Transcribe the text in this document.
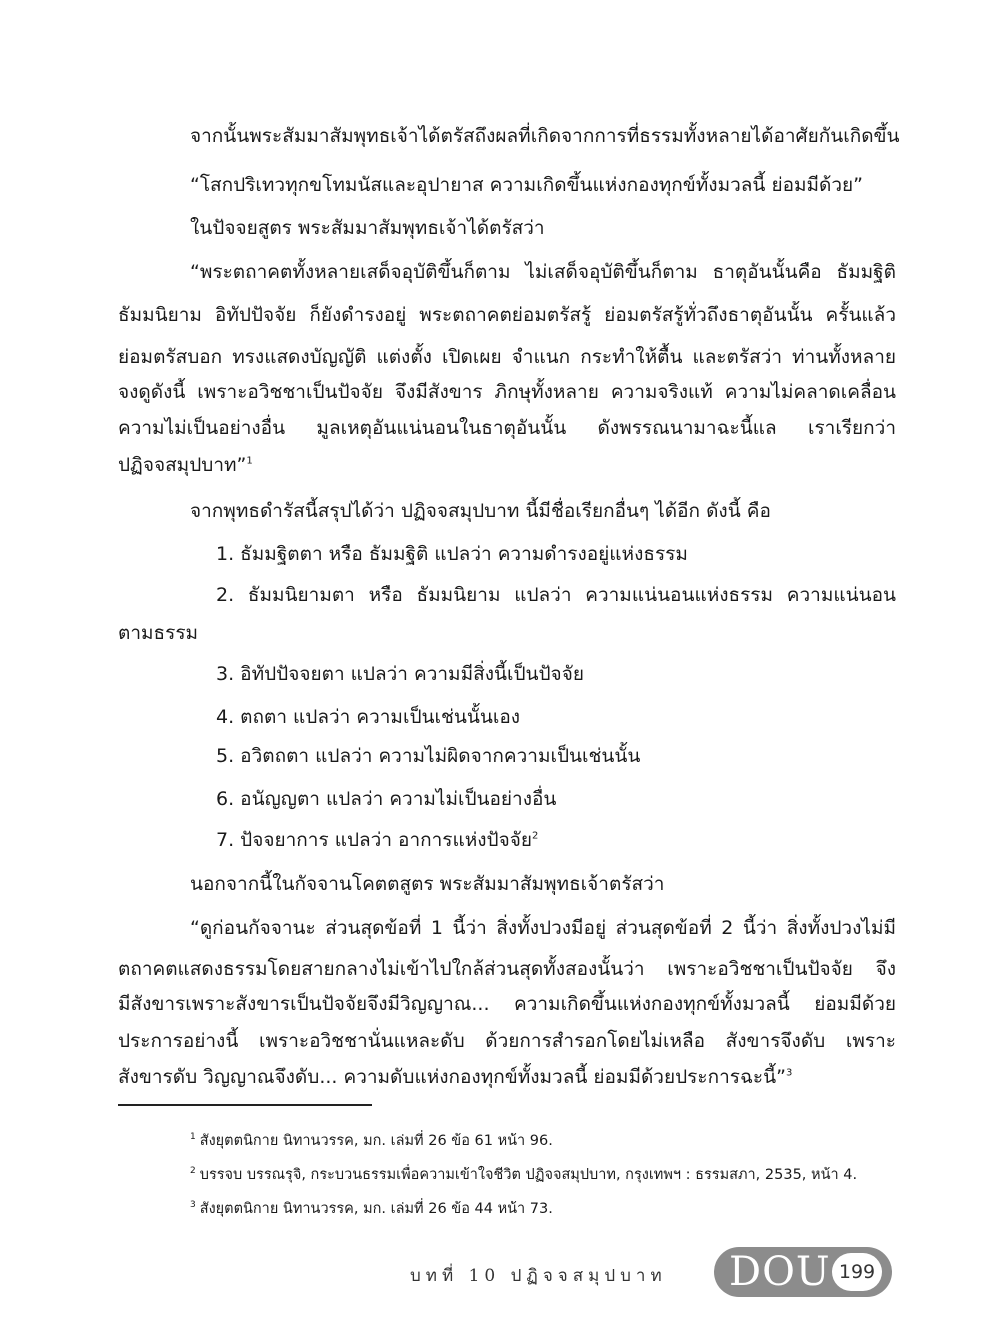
จากนั้นพระสัมมาสัมพุทธเจ้าได้ตรัสถึงผลที่เกิดจากการที่ธรรมทั้งหลายได้อาศัยกันเกิดขึ้น
“โสกปริเทวทุกขโทมนัสและอุปายาส ความเกิดขึ้นแห่งกองทุกข์ทั้งมวลนี้ ย่อมมีด้วย”
ในปัจจยสูตร พระสัมมาสัมพุทธเจ้าได้ตรัสว่า
“พระตถาคตทั้งหลายเสด็จอุบัติขึ้นก็ตาม ไม่เสด็จอุบัติขึ้นก็ตาม ธาตุอันนั้นคือ ธัมมฐิติ
ธัมมนิยาม อิทัปปัจจัย ก็ยังดำรงอยู่ พระตถาคตย่อมตรัสรู้ ย่อมตรัสรู้ทั่วถึงธาตุอันนั้น ครั้นแล้ว
ย่อมตรัสบอก ทรงแสดงบัญญัติ แต่งตั้ง เปิดเผย จำแนก กระทำให้ตื้น และตรัสว่า ท่านทั้งหลาย
จงดูดังนี้ เพราะอวิชชาเป็นปัจจัย จึงมีสังขาร ภิกษุทั้งหลาย ความจริงแท้ ความไม่คลาดเคลื่อน
ความไม่เป็นอย่างอื่น มูลเหตุอันแน่นอนในธาตุอันนั้น ดังพรรณนามาฉะนี้แล เราเรียกว่า
ปฏิจจสมุปบาท”$^1$
จากพุทธดำรัสนี้สรุปได้ว่า ปฏิจจสมุปบาท นี้มีชื่อเรียกอื่นๆ ได้อีก ดังนี้ คือ
1. ธัมมฐิตตา หรือ ธัมมฐิติ แปลว่า ความดำรงอยู่แห่งธรรม
2. ธัมมนิยามตา หรือ ธัมมนิยาม แปลว่า ความแน่นอนแห่งธรรม ความแน่นอน
ตามธรรม
3. อิทัปปัจจยตา แปลว่า ความมีสิ่งนี้เป็นปัจจัย
4. ตถตา แปลว่า ความเป็นเช่นนั้นเอง
5. อวิตถตา แปลว่า ความไม่ผิดจากความเป็นเช่นนั้น
6. อนัญญตา แปลว่า ความไม่เป็นอย่างอื่น
7. ปัจจยาการ แปลว่า อาการแห่งปัจจัย$^2$
นอกจากนี้ในกัจจานโคตตสูตร พระสัมมาสัมพุทธเจ้าตรัสว่า
“ดูก่อนกัจจานะ ส่วนสุดข้อที่ 1 นี้ว่า สิ่งทั้งปวงมีอยู่ ส่วนสุดข้อที่ 2 นี้ว่า สิ่งทั้งปวงไม่มี
ตถาคตแสดงธรรมโดยสายกลางไม่เข้าไปใกล้ส่วนสุดทั้งสองนั้นว่า เพราะอวิชชาเป็นปัจจัย จึง
มีสังขารเพราะสังขารเป็นปัจจัยจึงมีวิญญาณ... ความเกิดขึ้นแห่งกองทุกข์ทั้งมวลนี้ ย่อมมีด้วย
ประการอย่างนี้ เพราะอวิชชานั่นแหละดับ ด้วยการสำรอกโดยไม่เหลือ สังขารจึงดับ เพราะ
สังขารดับ วิญญาณจึงดับ... ความดับแห่งกองทุกข์ทั้งมวลนี้ ย่อมมีด้วยประการฉะนี้”$^3$
$^1$ สังยุตตนิกาย นิทานวรรค, มก. เล่มที่ 26 ข้อ 61 หน้า 96.
$^2$ บรรจบ บรรณรุจิ, กระบวนธรรมเพื่อความเข้าใจชีวิต ปฏิจจสมุปบาท, กรุงเทพฯ : ธรรมสภา, 2535, หน้า 4.
$^3$ สังยุตตนิกาย นิทานวรรค, มก. เล่มที่ 26 ข้อ 44 หน้า 73.
บทที่ 10 ปฏิจจสมุปบาท DOU 199
